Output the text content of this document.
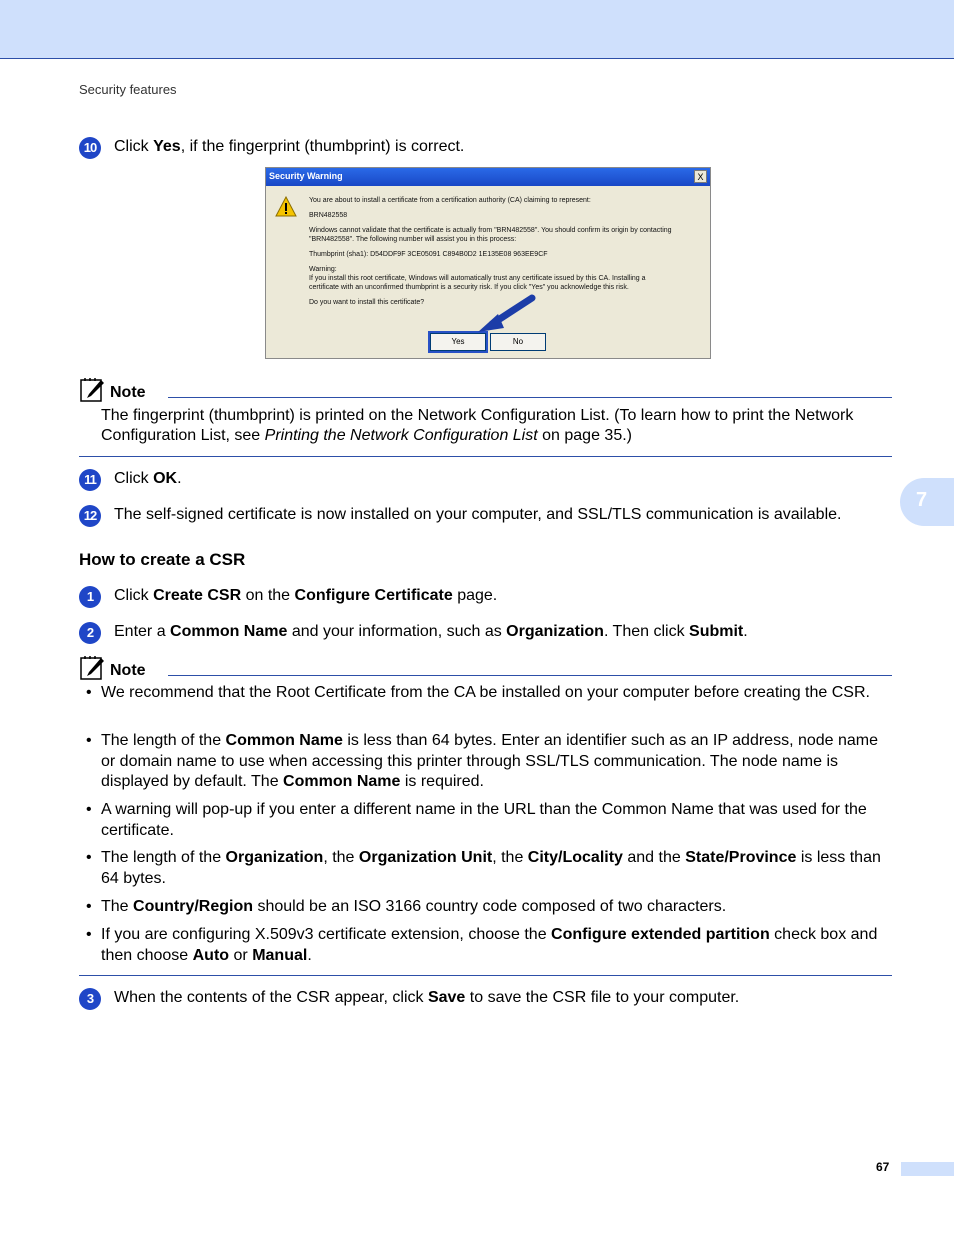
Security features
10 Click Yes, if the fingerprint (thumbprint) is correct.
Security Warning	X
You are about to install a certificate from a certification authority (CA) claiming to represent:
BRN482558
Windows cannot validate that the certificate is actually from "BRN482558". You should confirm its origin by contacting
"BRN482558". The following number will assist you in this process:
Thumbprint (sha1): D54DDF9F 3CE05091 C894B0D2 1E135E08 963EE9CF
Warning:
If you install this root certificate, Windows will automatically trust any certificate issued by this CA. Installing a
certificate with an unconfirmed thumbprint is a security risk. If you click "Yes" you acknowledge this risk.
Do you want to install this certificate?
Yes	No
Note
The fingerprint (thumbprint) is printed on the Network Configuration List. (To learn how to print the Network Configuration List, see Printing the Network Configuration List on page 35.)
11	Click OK.
12 The self-signed certificate is now installed on your computer, and SSL/TLS communication is available.
How to create a CSR
1	Click Create CSR on the Configure Certificate page.
2	Enter a Common Name and your information, such as Organization. Then click Submit.
Note
• We recommend that the Root Certificate from the CA be installed on your computer before creating the CSR.
• The length of the Common Name is less than 64 bytes. Enter an identifier such as an IP address, node name or domain name to use when accessing this printer through SSL/TLS communication. The node name is displayed by default. The Common Name is required.
• A warning will pop-up if you enter a different name in the URL than the Common Name that was used for the certificate.
• The length of the Organization, the Organization Unit, the City/Locality and the State/Province is less than 64 bytes.
• The Country/Region should be an ISO 3166 country code composed of two characters.
• If you are configuring X.509v3 certificate extension, choose the Configure extended partition check box and then choose Auto or Manual.
3	When the contents of the CSR appear, click Save to save the CSR file to your computer.
7
67
